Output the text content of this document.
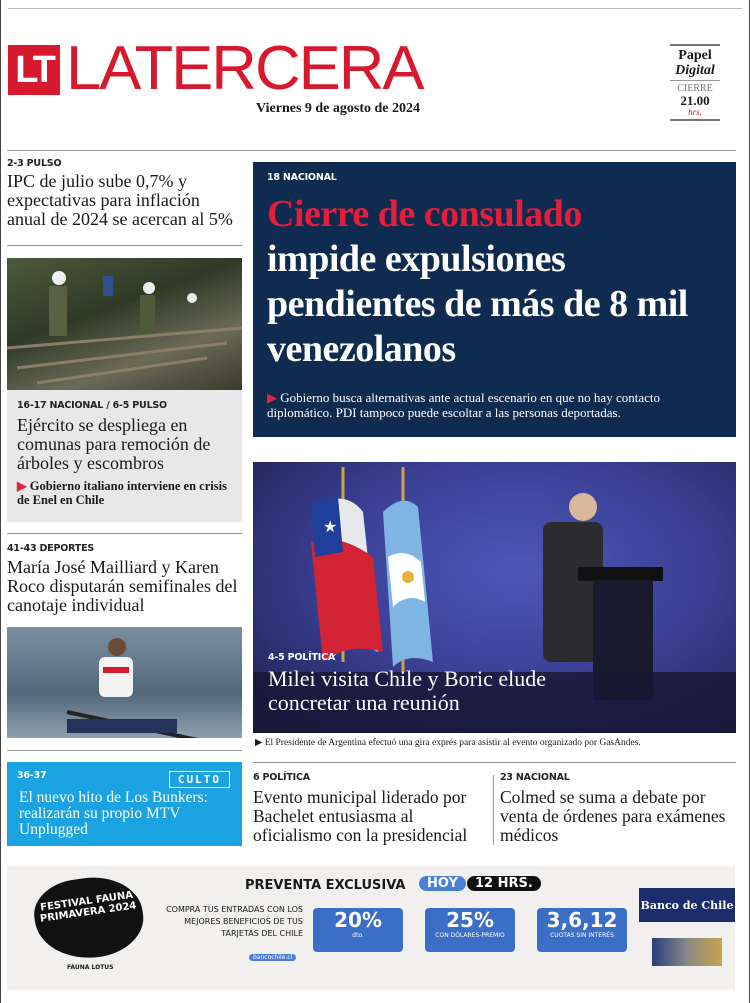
LT LATERCERA
Viernes 9 de agosto de 2024
Papel
Digital
CIERRE
21.00
hrs.
2-3 PULSO
IPC de julio sube 0,7% y expectativas para inflación anual de 2024 se acercan al 5%
16-17 NACIONAL / 6-5 PULSO
Ejército se despliega en comunas para remoción de árboles y escombros
▶ Gobierno italiano interviene en crisis de Enel en Chile
41-43 DEPORTES
María José Mailliard y Karen Roco disputarán semifinales del canotaje individual
36-37	CULTO
El nuevo hito de Los Bunkers: realizarán su propio MTV Unplugged
18 NACIONAL
Cierre de consulado
impide expulsiones pendientes de más de 8 mil venezolanos
▶ Gobierno busca alternativas ante actual escenario en que no hay contacto diplomático. PDI tampoco puede escoltar a las personas deportadas.
★
4-5 POLÍTICA
Milei visita Chile y Boric elude concretar una reunión
▶ El Presidente de Argentina efectuó una gira exprés para asistir al evento organizado por GasAndes.
6 POLÍTICA
Evento municipal liderado por Bachelet entusiasma al oficialismo con la presidencial
23 NACIONAL
Colmed se suma a debate por venta de órdenes para exámenes médicos
FESTIVAL FAUNA PRIMAVERA 2024
FAUNA LOTUS
PREVENTA EXCLUSIVA	HOY	12 HRS.
COMPRA TUS ENTRADAS CON LOS MEJORES BENEFICIOS DE TUS TARJETAS DEL CHILE
bancochile.cl
20%
dto.
25%
CON DÓLARES-PREMIO
3,6,12
CUOTAS SIN INTERÉS
Banco de Chile
